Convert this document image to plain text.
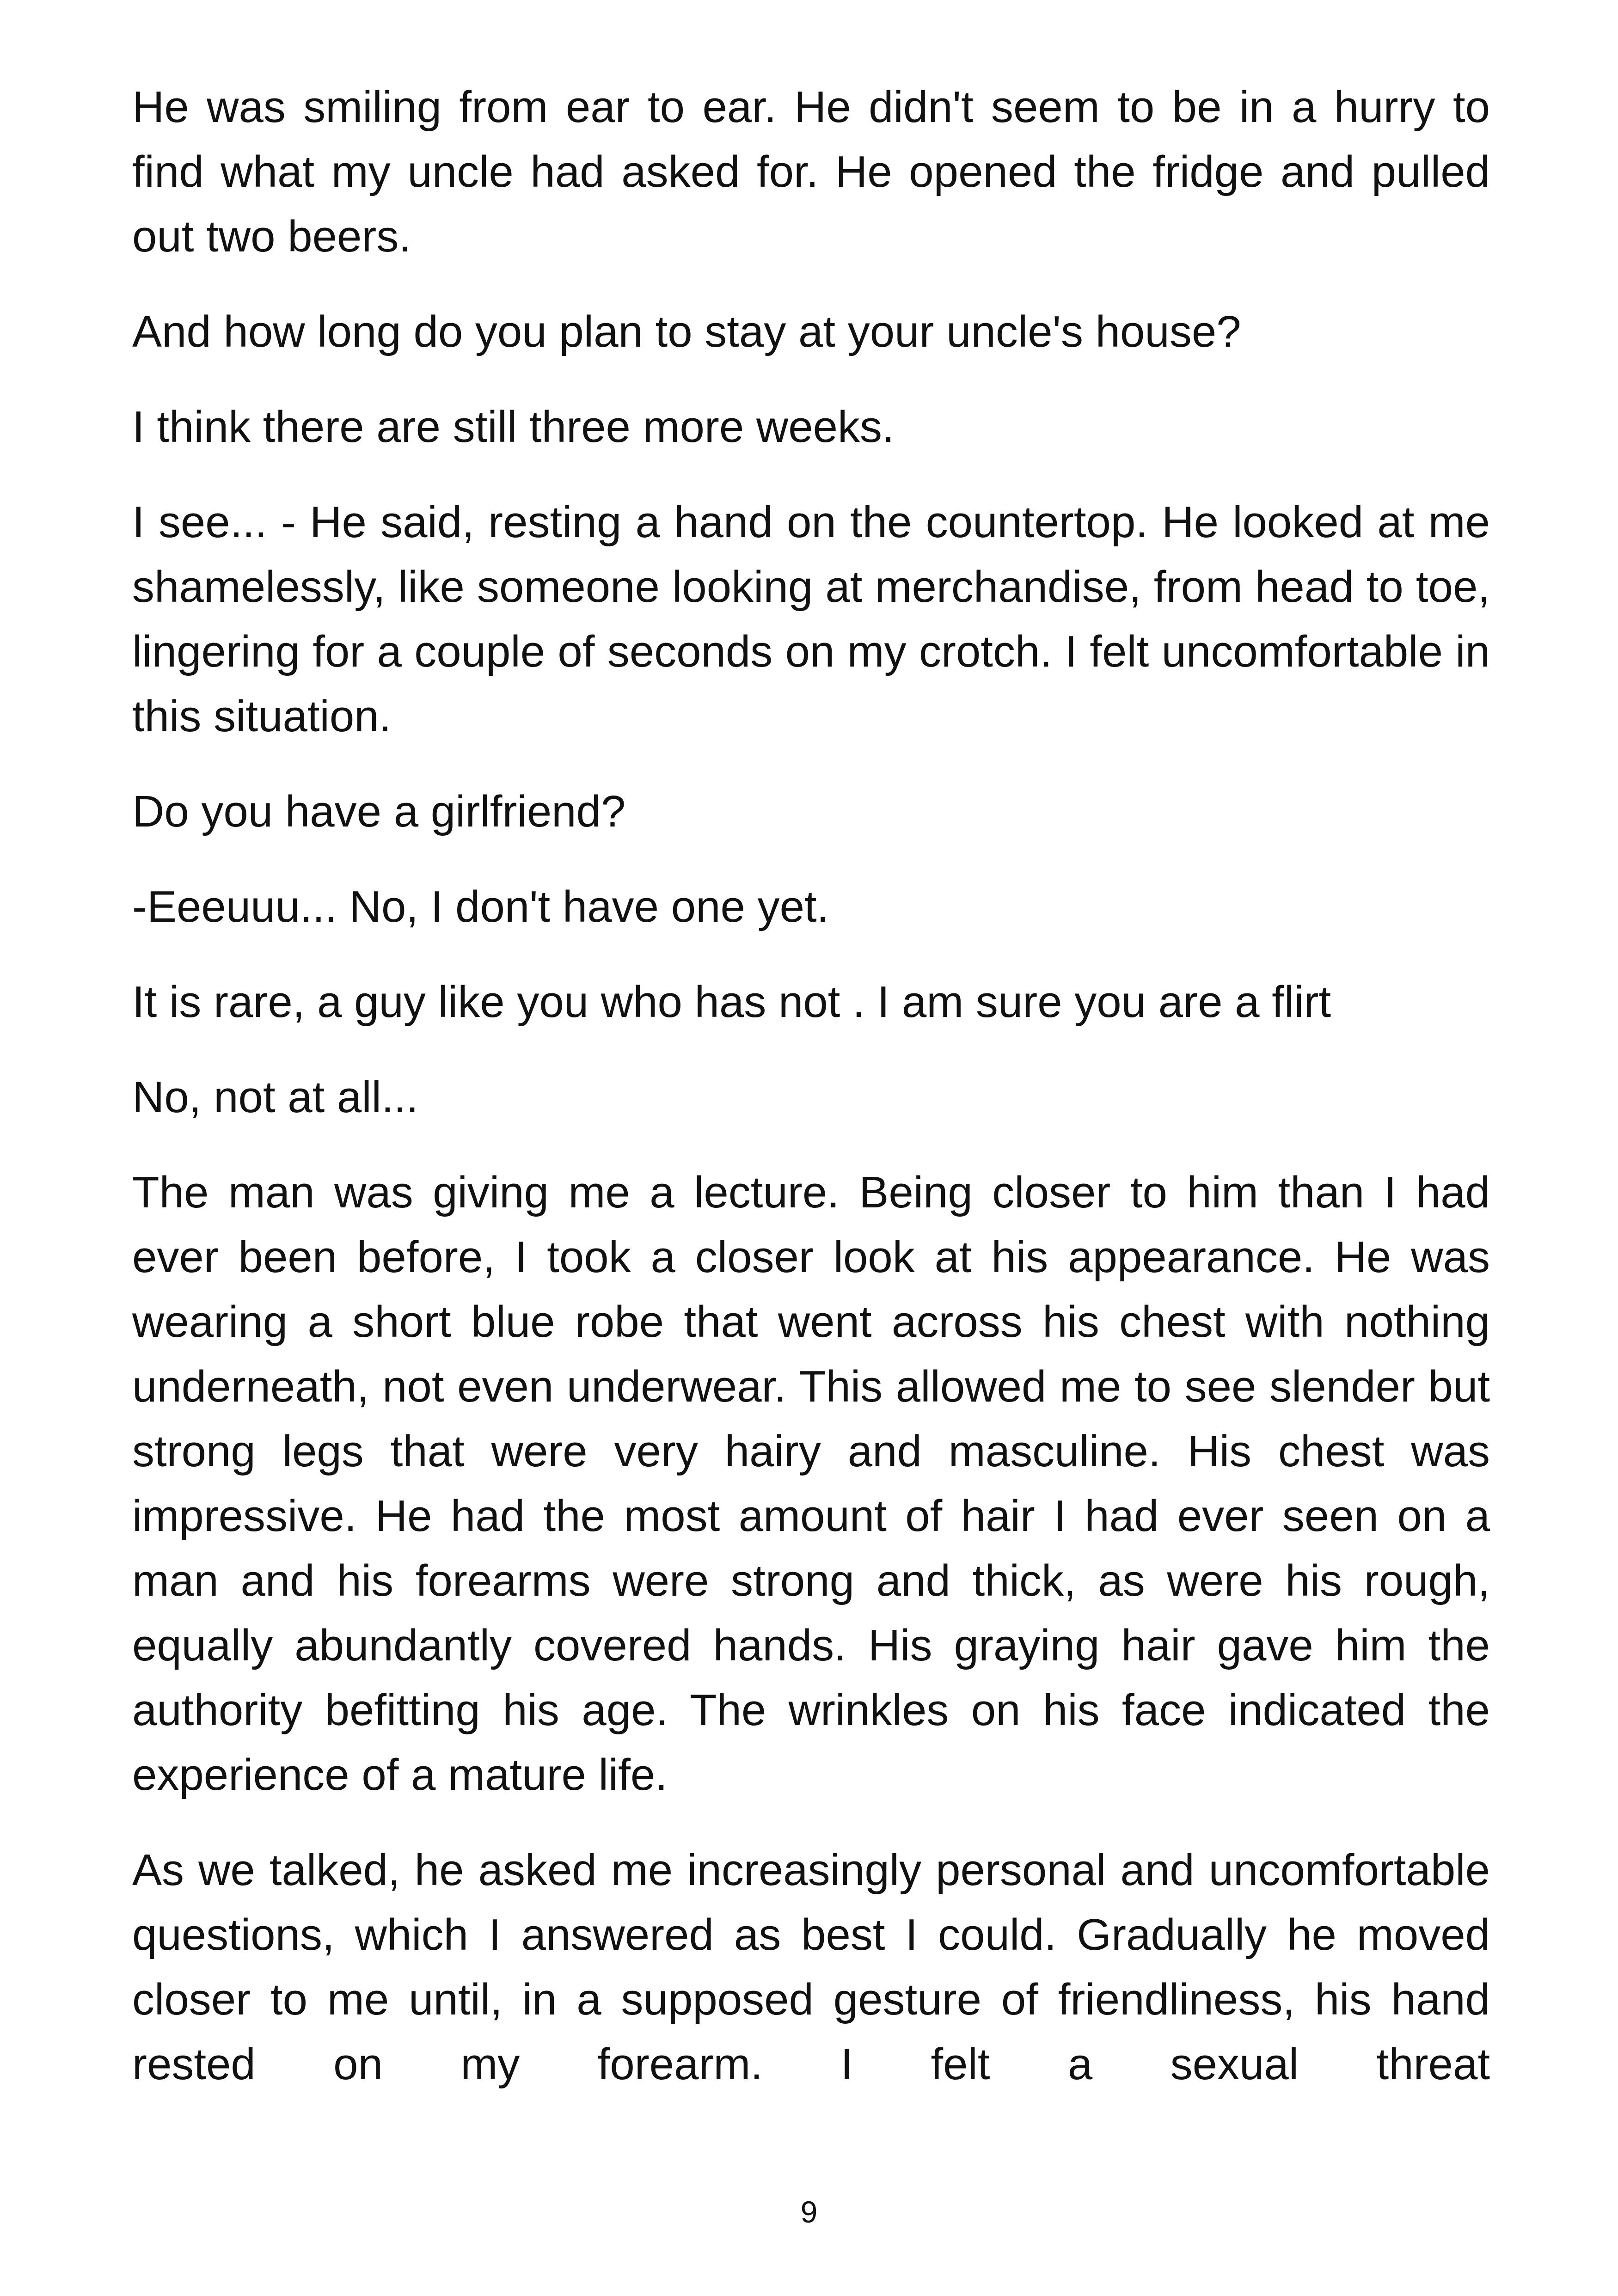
He was smiling from ear to ear. He didn't seem to be in a hurry to find what my uncle had asked for. He opened the fridge and pulled out two beers.

And how long do you plan to stay at your uncle's house?

I think there are still three more weeks.

I see... - He said, resting a hand on the countertop. He looked at me shamelessly, like someone looking at merchandise, from head to toe, lingering for a couple of seconds on my crotch. I felt uncomfortable in this situation.

Do you have a girlfriend?

-Eeeuuu... No, I don't have one yet.

It is rare, a guy like you who has not . I am sure you are a flirt

No, not at all...

The man was giving me a lecture. Being closer to him than I had ever been before, I took a closer look at his appearance. He was wearing a short blue robe that went across his chest with nothing underneath, not even underwear. This allowed me to see slender but strong legs that were very hairy and masculine. His chest was impressive. He had the most amount of hair I had ever seen on a man and his forearms were strong and thick, as were his rough, equally abundantly covered hands. His graying hair gave him the authority befitting his age. The wrinkles on his face indicated the experience of a mature life.

As we talked, he asked me increasingly personal and uncomfortable questions, which I answered as best I could. Gradually he moved closer to me until, in a supposed gesture of friendliness, his hand rested on my forearm. I felt a sexual threat

9
